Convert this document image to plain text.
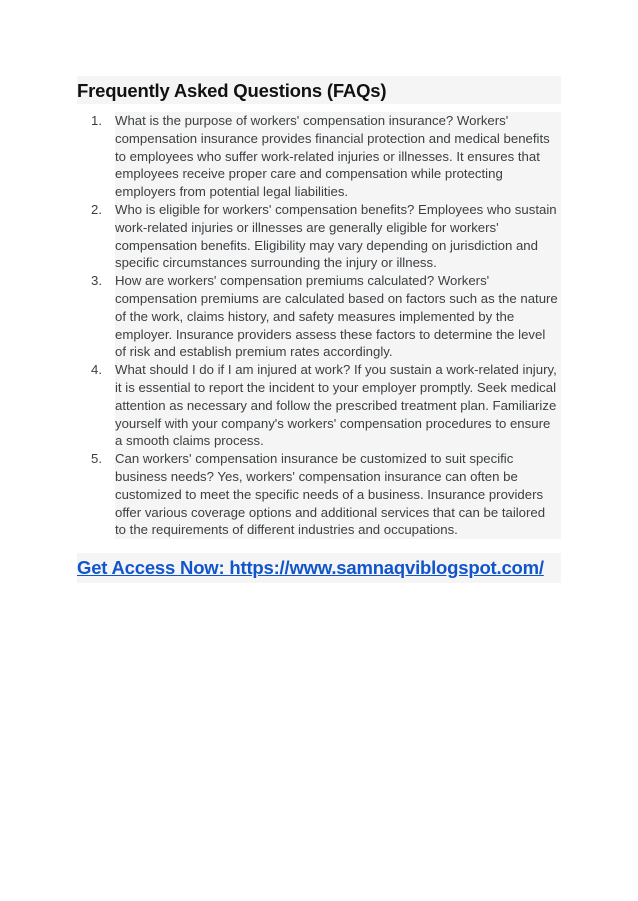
Frequently Asked Questions (FAQs)
1. What is the purpose of workers' compensation insurance? Workers' compensation insurance provides financial protection and medical benefits to employees who suffer work-related injuries or illnesses. It ensures that employees receive proper care and compensation while protecting employers from potential legal liabilities.
2. Who is eligible for workers' compensation benefits? Employees who sustain work-related injuries or illnesses are generally eligible for workers' compensation benefits. Eligibility may vary depending on jurisdiction and specific circumstances surrounding the injury or illness.
3. How are workers' compensation premiums calculated? Workers' compensation premiums are calculated based on factors such as the nature of the work, claims history, and safety measures implemented by the employer. Insurance providers assess these factors to determine the level of risk and establish premium rates accordingly.
4. What should I do if I am injured at work? If you sustain a work-related injury, it is essential to report the incident to your employer promptly. Seek medical attention as necessary and follow the prescribed treatment plan. Familiarize yourself with your company's workers' compensation procedures to ensure a smooth claims process.
5. Can workers' compensation insurance be customized to suit specific business needs? Yes, workers' compensation insurance can often be customized to meet the specific needs of a business. Insurance providers offer various coverage options and additional services that can be tailored to the requirements of different industries and occupations.
Get Access Now: https://www.samnaqviblogspot.com/
